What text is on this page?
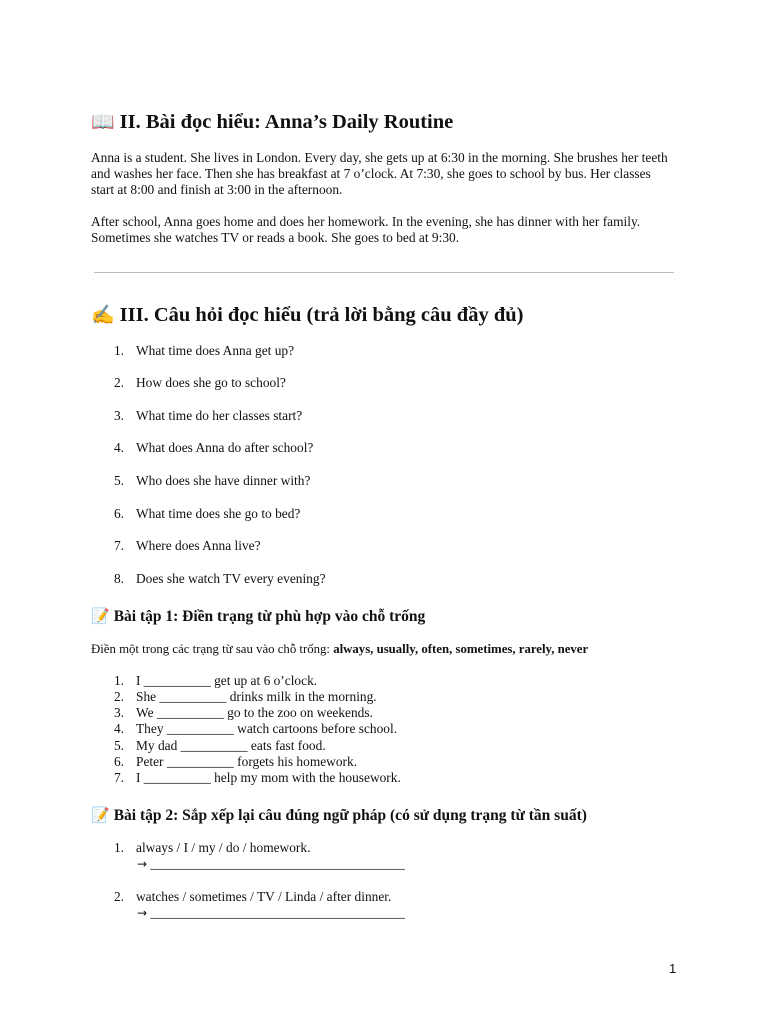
📖 II. Bài đọc hiểu: Anna’s Daily Routine

Anna is a student. She lives in London. Every day, she gets up at 6:30 in the morning. She brushes her teeth and washes her face. Then she has breakfast at 7 o’clock. At 7:30, she goes to school by bus. Her classes start at 8:00 and finish at 3:00 in the afternoon.

After school, Anna goes home and does her homework. In the evening, she has dinner with her family. Sometimes she watches TV or reads a book. She goes to bed at 9:30.

✍️ III. Câu hỏi đọc hiểu (trả lời bằng câu đầy đủ)
1. What time does Anna get up?
2. How does she go to school?
3. What time do her classes start?
4. What does Anna do after school?
5. Who does she have dinner with?
6. What time does she go to bed?
7. Where does Anna live?
8. Does she watch TV every evening?
📝 Bài tập 1: Điền trạng từ phù hợp vào chỗ trống

Điền một trong các trạng từ sau vào chỗ trống: always, usually, often, sometimes, rarely, never

1. I __________ get up at 6 o’clock.
2. She __________ drinks milk in the morning.
3. We __________ go to the zoo on weekends.
4. They __________ watch cartoons before school.
5. My dad __________ eats fast food.
6. Peter __________ forgets his homework.
7. I __________ help my mom with the housework.
📝 Bài tập 2: Sắp xếp lại câu đúng ngữ pháp (có sử dụng trạng từ tần suất)
1. always / I / my / do / homework.
→ ______________________________________
2. watches / sometimes / TV / Linda / after dinner.
→ ______________________________________
1
